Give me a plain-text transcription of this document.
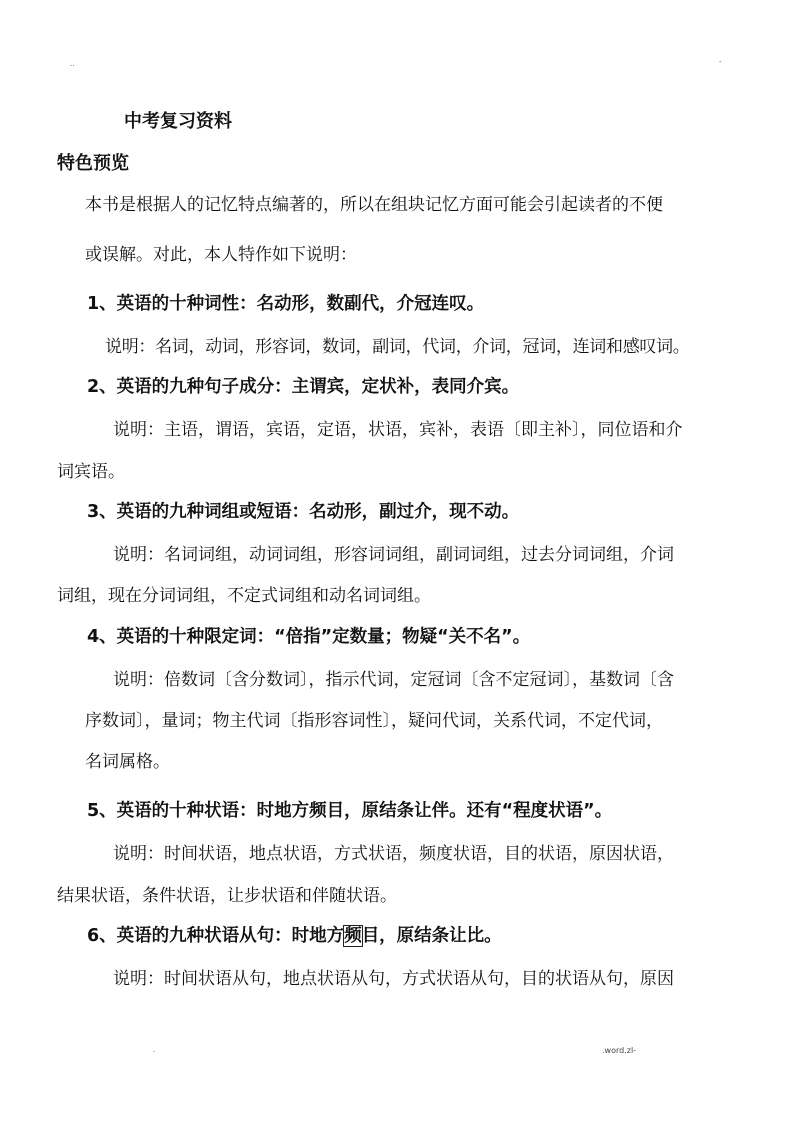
..	-
中考复习资料
特色预览
本书是根据人的记忆特点编著的，所以在组块记忆方面可能会引起读者的不便
或误解。对此，本人特作如下说明：
1、英语的十种词性：名动形，数副代，介冠连叹。
说明：名词，动词，形容词，数词，副词，代词，介词，冠词，连词和感叹词。
2、英语的九种句子成分：主谓宾，定状补，表同介宾。
说明：主语，谓语，宾语，定语，状语，宾补，表语〔即主补〕，同位语和介
词宾语。
3、英语的九种词组或短语：名动形，副过介，现不动。
说明：名词词组，动词词组，形容词词组，副词词组，过去分词词组，介词
词组，现在分词词组，不定式词组和动名词词组。
4、英语的十种限定词：“倍指”定数量；物疑“关不名”。
说明：倍数词〔含分数词〕，指示代词，定冠词〔含不定冠词〕，基数词〔含
序数词〕，量词；物主代词〔指形容词性〕，疑问代词，关系代词，不定代词，
名词属格。
5、英语的十种状语：时地方频目，原结条让伴。还有“程度状语”。
说明：时间状语，地点状语，方式状语，频度状语，目的状语，原因状语，
结果状语，条件状语，让步状语和伴随状语。
6、英语的九种状语从句：时地方频目，原结条让比。
说明：时间状语从句，地点状语从句，方式状语从句，目的状语从句，原因
.	.word.zl-
